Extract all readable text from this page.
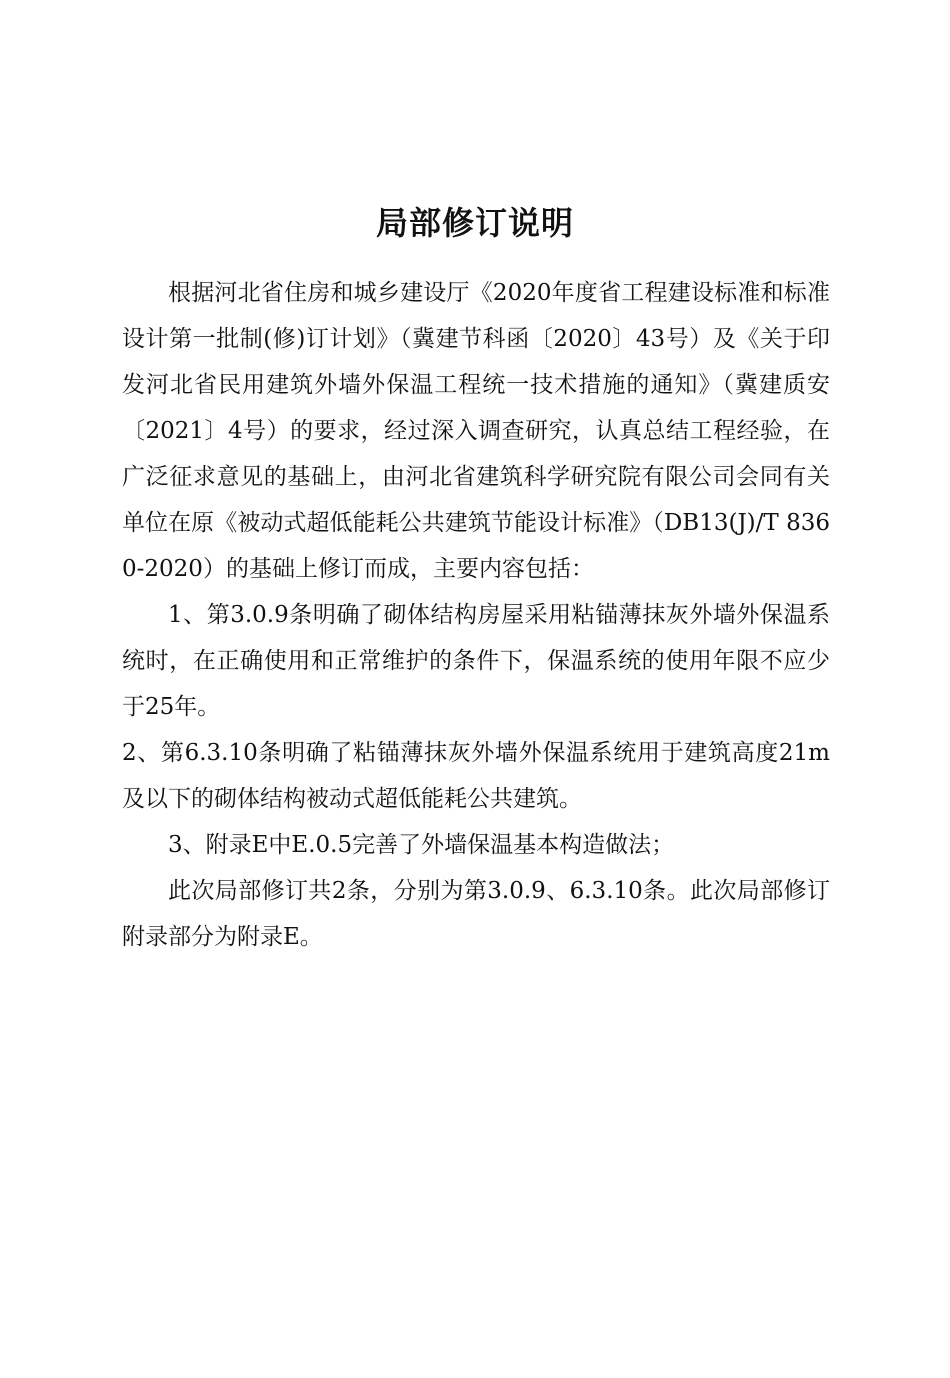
局部修订说明

根据河北省住房和城乡建设厅《2020年度省工程建设标准和标准设计第一批制(修)订计划》（冀建节科函〔2020〕43号）及《关于印发河北省民用建筑外墙外保温工程统一技术措施的通知》（冀建质安〔2021〕4号）的要求，经过深入调查研究，认真总结工程经验，在广泛征求意见的基础上，由河北省建筑科学研究院有限公司会同有关单位在原《被动式超低能耗公共建筑节能设计标准》（DB13(J)/T 8360-2020）的基础上修订而成，主要内容包括：

1、第3.0.9条明确了砌体结构房屋采用粘锚薄抹灰外墙外保温系统时，在正确使用和正常维护的条件下，保温系统的使用年限不应少于25年。

2、第6.3.10条明确了粘锚薄抹灰外墙外保温系统用于建筑高度21m及以下的砌体结构被动式超低能耗公共建筑。

3、附录E中E.0.5完善了外墙保温基本构造做法；

此次局部修订共2条，分别为第3.0.9、6.3.10条。此次局部修订附录部分为附录E。
